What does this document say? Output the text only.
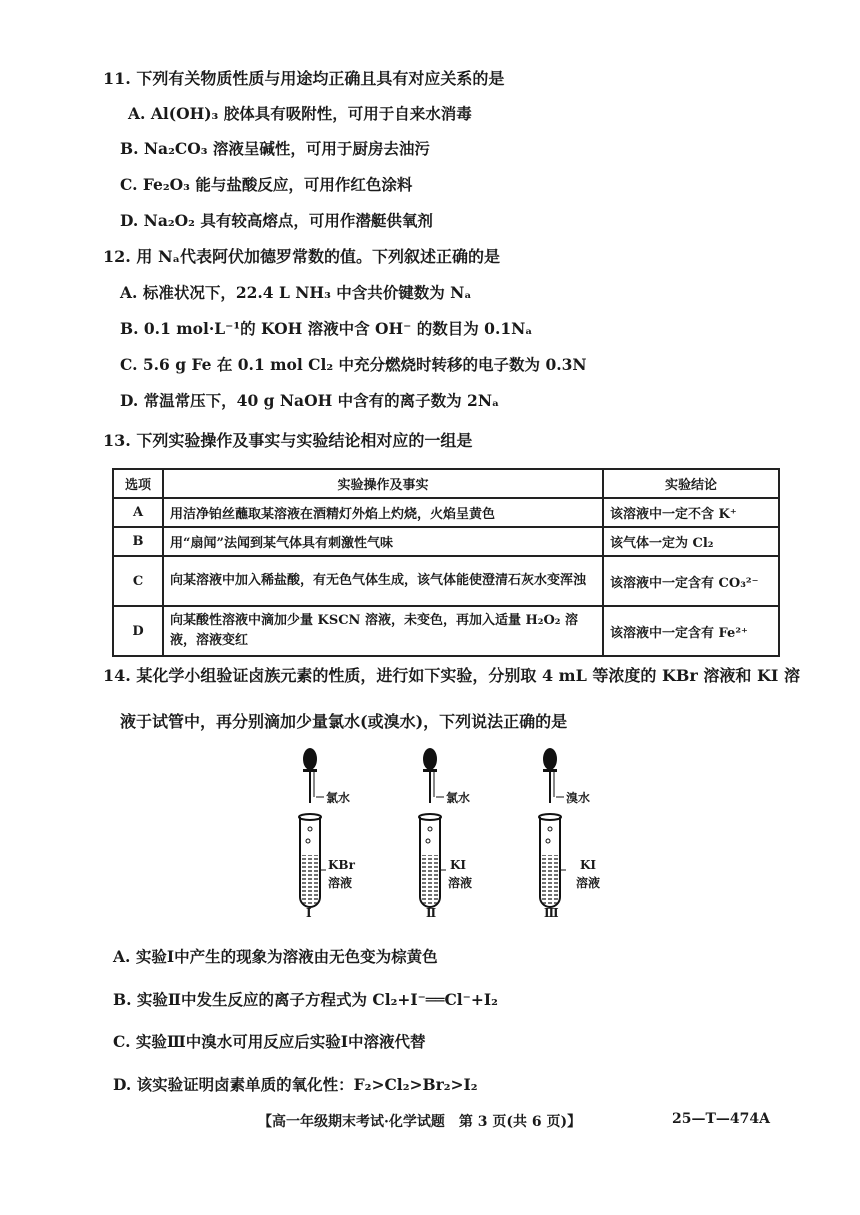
11. 下列有关物质性质与用途均正确且具有对应关系的是
A. Al(OH)₃ 胶体具有吸附性，可用于自来水消毒
B. Na₂CO₃ 溶液呈碱性，可用于厨房去油污
C. Fe₂O₃ 能与盐酸反应，可用作红色涂料
D. Na₂O₂ 具有较高熔点，可用作潜艇供氧剂
12. 用 Nₐ代表阿伏加德罗常数的值。下列叙述正确的是
A. 标准状况下，22.4 L NH₃ 中含共价键数为 Nₐ
B. 0.1 mol·L⁻¹的 KOH 溶液中含 OH⁻ 的数目为 0.1Nₐ
C. 5.6 g Fe 在 0.1 mol Cl₂ 中充分燃烧时转移的电子数为 0.3N
D. 常温常压下，40 g NaOH 中含有的离子数为 2Nₐ
13. 下列实验操作及事实与实验结论相对应的一组是
选项	实验操作及事实	实验结论
A	用洁净铂丝蘸取某溶液在酒精灯外焰上灼烧，火焰呈黄色	该溶液中一定不含 K⁺
B	用“扇闻”法闻到某气体具有刺激性气味	该气体一定为 Cl₂
C	向某溶液中加入稀盐酸，有无色气体生成，该气体能使澄清石灰水变浑浊	该溶液中一定含有 CO₃²⁻
D	向某酸性溶液中滴加少量 KSCN 溶液，未变色，再加入适量 H₂O₂ 溶液，溶液变红	该溶液中一定含有 Fe²⁺
14. 某化学小组验证卤族元素的性质，进行如下实验，分别取 4 mL 等浓度的 KBr 溶液和 KI 溶
液于试管中，再分别滴加少量氯水(或溴水)，下列说法正确的是
氯水	氯水	溴水
KBr
溶液
KI
溶液
KI
溶液
Ⅰ	Ⅱ	Ⅲ
A. 实验Ⅰ中产生的现象为溶液由无色变为棕黄色
B. 实验Ⅱ中发生反应的离子方程式为 Cl₂+I⁻══Cl⁻+I₂
C. 实验Ⅲ中溴水可用反应后实验Ⅰ中溶液代替
D. 该实验证明卤素单质的氧化性：F₂>Cl₂>Br₂>I₂
【高一年级期末考试·化学试题　第 3 页(共 6 页)】	25—T—474A
